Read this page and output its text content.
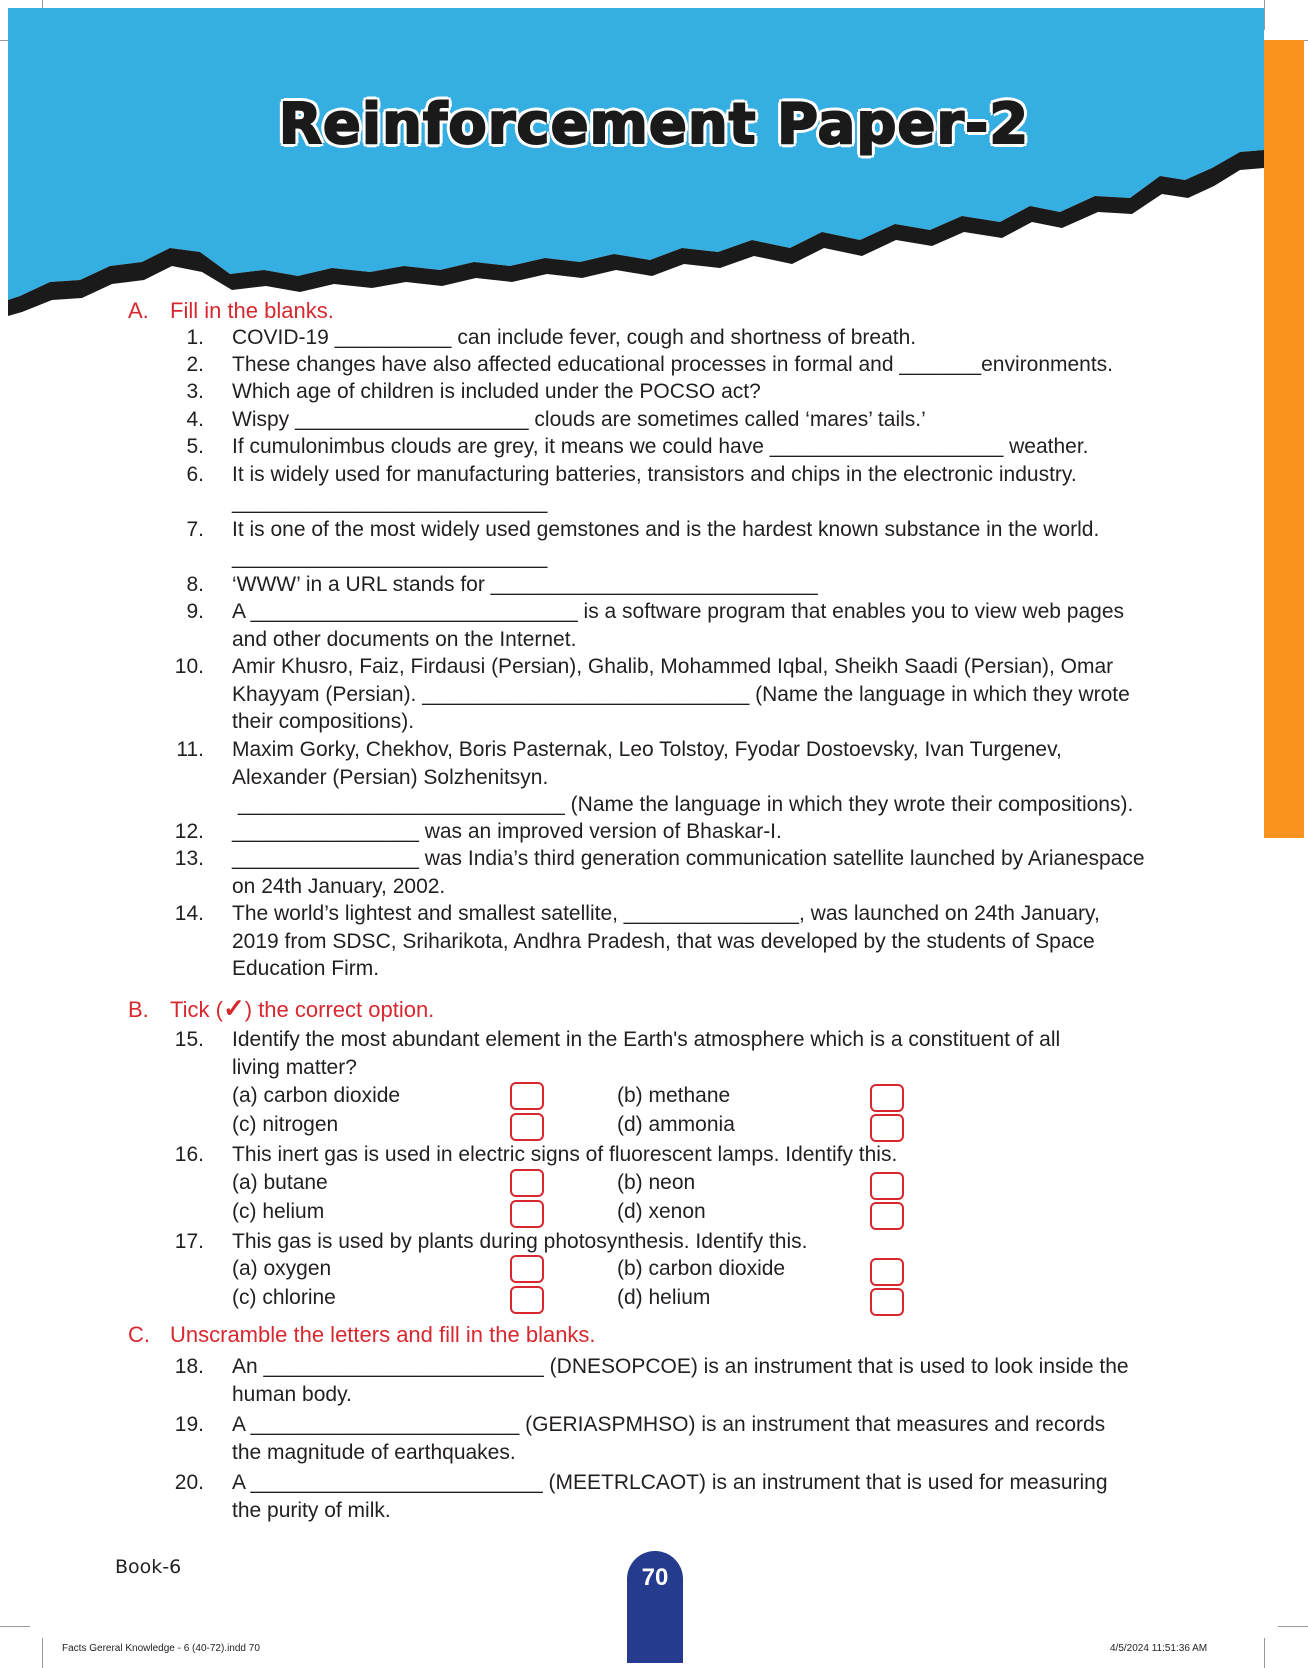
Reinforcement Paper-2
A. Fill in the blanks.
1. COVID-19 __________ can include fever, cough and shortness of breath.
2. These changes have also affected educational processes in formal and _______environments.
3. Which age of children is included under the POCSO act?
4. Wispy ____________________ clouds are sometimes called ‘mares’ tails.’
5. If cumulonimbus clouds are grey, it means we could have ____________________ weather.
6. It is widely used for manufacturing batteries, transistors and chips in the electronic industry.
___________________________
7. It is one of the most widely used gemstones and is the hardest known substance in the world.
___________________________
8. ‘WWW’ in a URL stands for ____________________________
9. A ____________________________ is a software program that enables you to view web pages
and other documents on the Internet.
10. Amir Khusro, Faiz, Firdausi (Persian), Ghalib, Mohammed Iqbal, Sheikh Saadi (Persian), Omar
Khayyam (Persian). ____________________________ (Name the language in which they wrote
their compositions).
11. Maxim Gorky, Chekhov, Boris Pasternak, Leo Tolstoy, Fyodar Dostoevsky, Ivan Turgenev,
Alexander (Persian) Solzhenitsyn.
____________________________ (Name the language in which they wrote their compositions).
12. ________________ was an improved version of Bhaskar-I.
13. ________________ was India’s third generation communication satellite launched by Arianespace
on 24th January, 2002.
14. The world’s lightest and smallest satellite, _______________, was launched on 24th January,
2019 from SDSC, Sriharikota, Andhra Pradesh, that was developed by the students of Space
Education Firm.
B. Tick (✓) the correct option.
15. Identify the most abundant element in the Earth's atmosphere which is a constituent of all
living matter?
(a) carbon dioxide	(b) methane
(c) nitrogen	(d) ammonia
16. This inert gas is used in electric signs of fluorescent lamps. Identify this.
(a) butane	(b) neon
(c) helium	(d) xenon
17. This gas is used by plants during photosynthesis. Identify this.
(a) oxygen	(b) carbon dioxide
(c) chlorine	(d) helium
C. Unscramble the letters and fill in the blanks.
18. An ________________________ (DNESOPCOE) is an instrument that is used to look inside the
human body.
19. A _______________________ (GERIASPMHSO) is an instrument that measures and records
the magnitude of earthquakes.
20. A _________________________ (MEETRLCAOT) is an instrument that is used for measuring
the purity of milk.
Book-6	70
Facts Gereral Knowledge - 6 (40-72).indd 70	4/5/2024 11:51:36 AM
